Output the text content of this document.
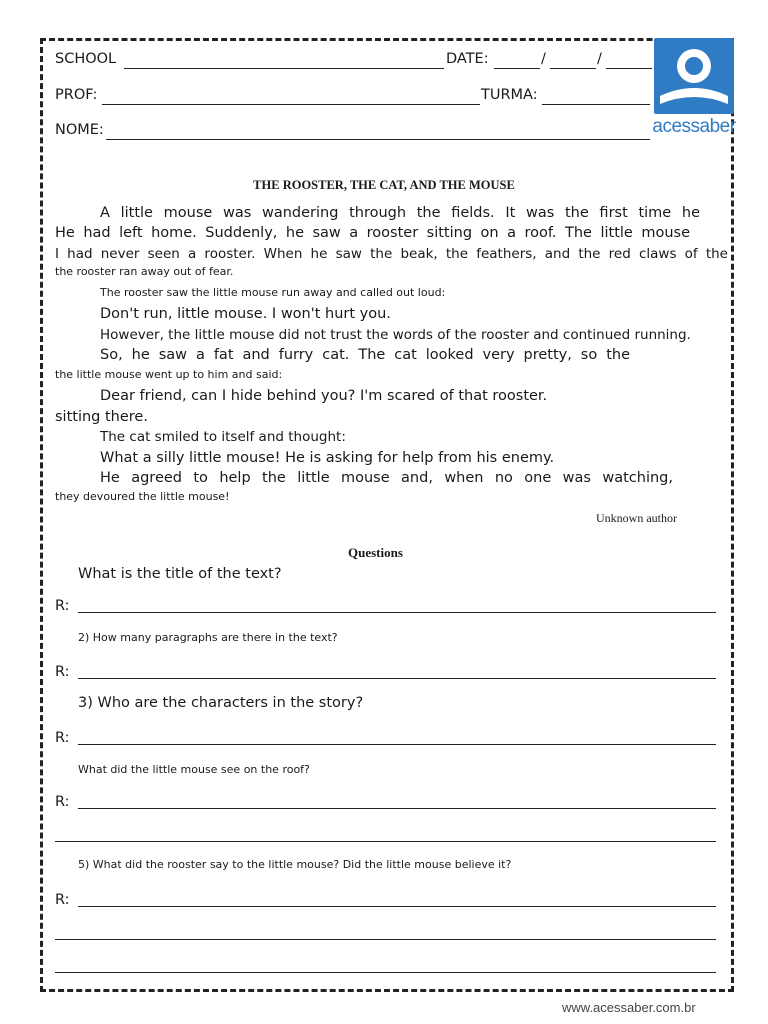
SCHOOL	DATE:	/	/
PROF:	TURMA:
NOME:	acessaber
THE ROOSTER, THE CAT, AND THE MOUSE
A little mouse was wandering through the fields. It was the first time he
He had left home. Suddenly, he saw a rooster sitting on a roof. The little mouse
I had never seen a rooster. When he saw the beak, the feathers, and the red claws of the
the rooster ran away out of fear.
The rooster saw the little mouse run away and called out loud:
Don't run, little mouse. I won't hurt you.
However, the little mouse did not trust the words of the rooster and continued running.
So, he saw a fat and furry cat. The cat looked very pretty, so the
the little mouse went up to him and said:
Dear friend, can I hide behind you? I'm scared of that rooster.
sitting there.
The cat smiled to itself and thought:
What a silly little mouse! He is asking for help from his enemy.
He agreed to help the little mouse and, when no one was watching,
they devoured the little mouse!
Unknown author
Questions
What is the title of the text?
R:
2) How many paragraphs are there in the text?
R:
3) Who are the characters in the story?
R:
What did the little mouse see on the roof?
R:
5) What did the rooster say to the little mouse? Did the little mouse believe it?
R:
www.acessaber.com.br
